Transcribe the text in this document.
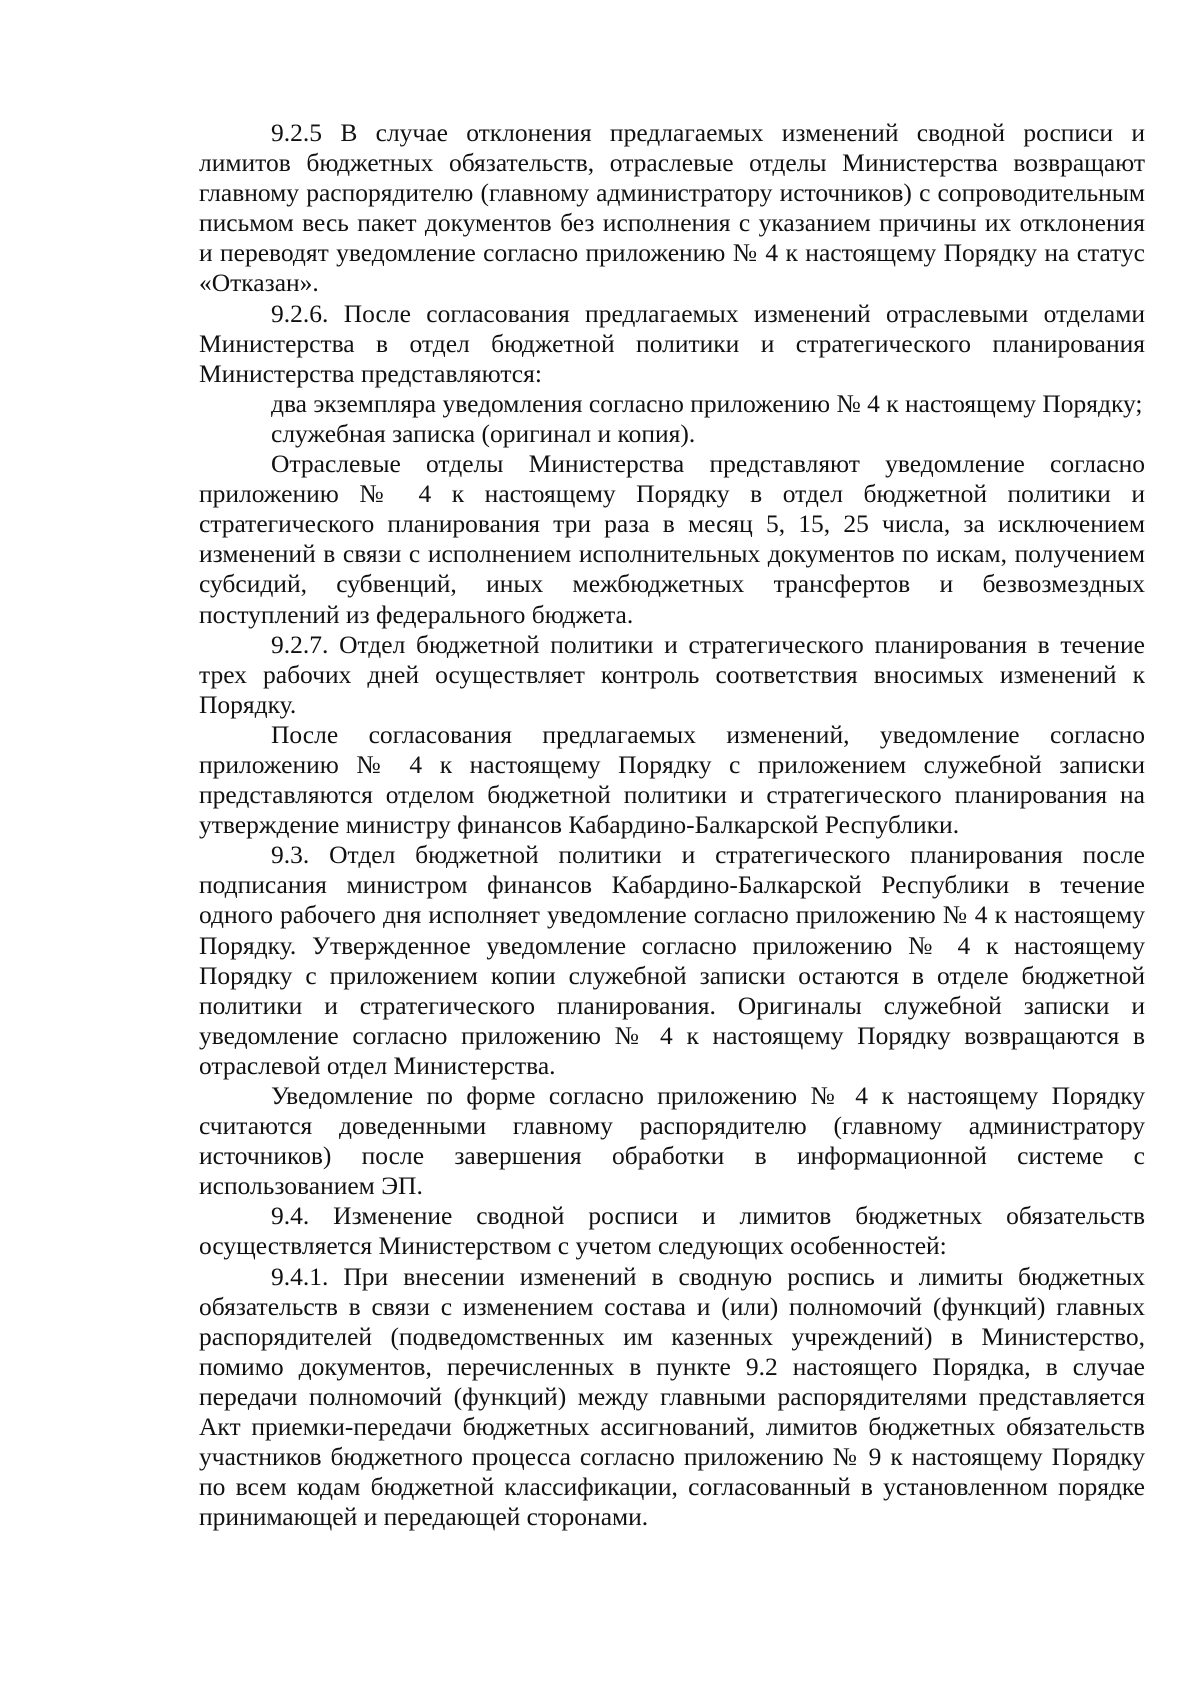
9.2.5 В случае отклонения предлагаемых изменений сводной росписи и лимитов бюджетных обязательств, отраслевые отделы Министерства возвращают главному распорядителю (главному администратору источников) с сопроводительным письмом весь пакет документов без исполнения с указанием причины их отклонения и переводят уведомление согласно приложению № 4 к настоящему Порядку на статус «Отказан».

9.2.6. После согласования предлагаемых изменений отраслевыми отделами Министерства в отдел бюджетной политики и стратегического планирования Министерства представляются:

два экземпляра уведомления согласно приложению № 4 к настоящему Порядку;

служебная записка (оригинал и копия).

Отраслевые отделы Министерства представляют уведомление согласно приложению № 4 к настоящему Порядку в отдел бюджетной политики и стратегического планирования три раза в месяц 5, 15, 25 числа, за исключением изменений в связи с исполнением исполнительных документов по искам, получением субсидий, субвенций, иных межбюджетных трансфертов и безвозмездных поступлений из федерального бюджета.

9.2.7. Отдел бюджетной политики и стратегического планирования в течение трех рабочих дней осуществляет контроль соответствия вносимых изменений к Порядку.

После согласования предлагаемых изменений, уведомление согласно приложению № 4 к настоящему Порядку с приложением служебной записки представляются отделом бюджетной политики и стратегического планирования на утверждение министру финансов Кабардино-Балкарской Республики.

9.3. Отдел бюджетной политики и стратегического планирования после подписания министром финансов Кабардино-Балкарской Республики в течение одного рабочего дня исполняет уведомление согласно приложению № 4 к настоящему Порядку. Утвержденное уведомление согласно приложению № 4 к настоящему Порядку с приложением копии служебной записки остаются в отделе бюджетной политики и стратегического планирования. Оригиналы служебной записки и уведомление согласно приложению № 4 к настоящему Порядку возвращаются в отраслевой отдел Министерства.

Уведомление по форме согласно приложению № 4 к настоящему Порядку считаются доведенными главному распорядителю (главному администратору источников) после завершения обработки в информационной системе с использованием ЭП.

9.4. Изменение сводной росписи и лимитов бюджетных обязательств осуществляется Министерством с учетом следующих особенностей:

9.4.1. При внесении изменений в сводную роспись и лимиты бюджетных обязательств в связи с изменением состава и (или) полномочий (функций) главных распорядителей (подведомственных им казенных учреждений) в Министерство, помимо документов, перечисленных в пункте 9.2 настоящего Порядка, в случае передачи полномочий (функций) между главными распорядителями представляется Акт приемки-передачи бюджетных ассигнований, лимитов бюджетных обязательств участников бюджетного процесса согласно приложению № 9 к настоящему Порядку по всем кодам бюджетной классификации, согласованный в установленном порядке принимающей и передающей сторонами.
